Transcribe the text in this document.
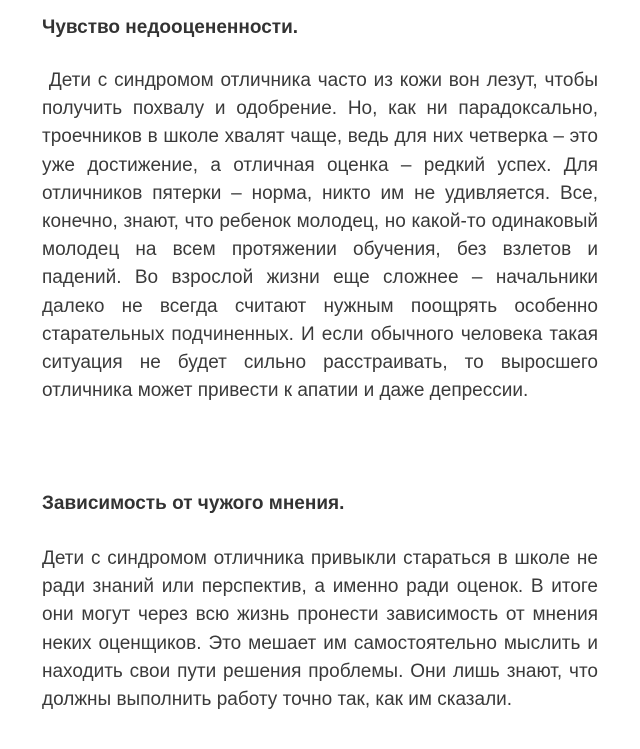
Чувство недооцененности.

Дети с синдромом отличника часто из кожи вон лезут, чтобы получить похвалу и одобрение. Но, как ни парадоксально, троечников в школе хвалят чаще, ведь для них четверка – это уже достижение, а отличная оценка – редкий успех. Для отличников пятерки – норма, никто им не удивляется. Все, конечно, знают, что ребенок молодец, но какой-то одинаковый молодец на всем протяжении обучения, без взлетов и падений. Во взрослой жизни еще сложнее – начальники далеко не всегда считают нужным поощрять особенно старательных подчиненных. И если обычного человека такая ситуация не будет сильно расстраивать, то выросшего отличника может привести к апатии и даже депрессии.

Зависимость от чужого мнения.

Дети с синдромом отличника привыкли стараться в школе не ради знаний или перспектив, а именно ради оценок. В итоге они могут через всю жизнь пронести зависимость от мнения неких оценщиков. Это мешает им самостоятельно мыслить и находить свои пути решения проблемы. Они лишь знают, что должны выполнить работу точно так, как им сказали.
